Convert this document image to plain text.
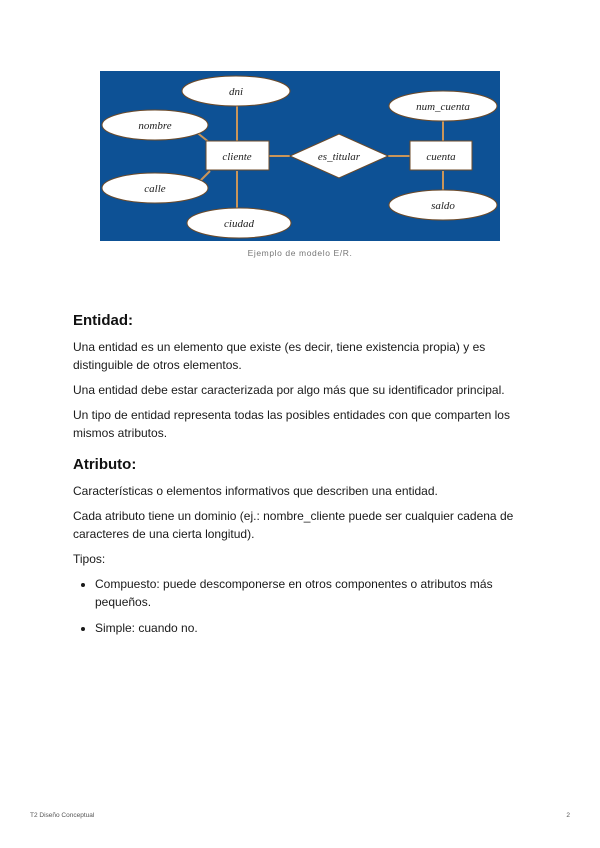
dni
nombre
calle
ciudad
num_cuenta
saldo
cliente	cuenta
es_titular
Ejemplo de modelo E/R.
Entidad:

Una entidad es un elemento que existe (es decir, tiene existencia propia) y es distinguible de otros elementos.

Una entidad debe estar caracterizada por algo más que su identificador principal.

Un tipo de entidad representa todas las posibles entidades con que comparten los mismos atributos.

Atributo:

Características o elementos informativos que describen una entidad.

Cada atributo tiene un dominio (ej.: nombre_cliente puede ser cualquier cadena de caracteres de una cierta longitud).

Tipos:

• Compuesto: puede descomponerse en otros componentes o atributos más pequeños.
• Simple: cuando no.
T2 Diseño Conceptual	2
